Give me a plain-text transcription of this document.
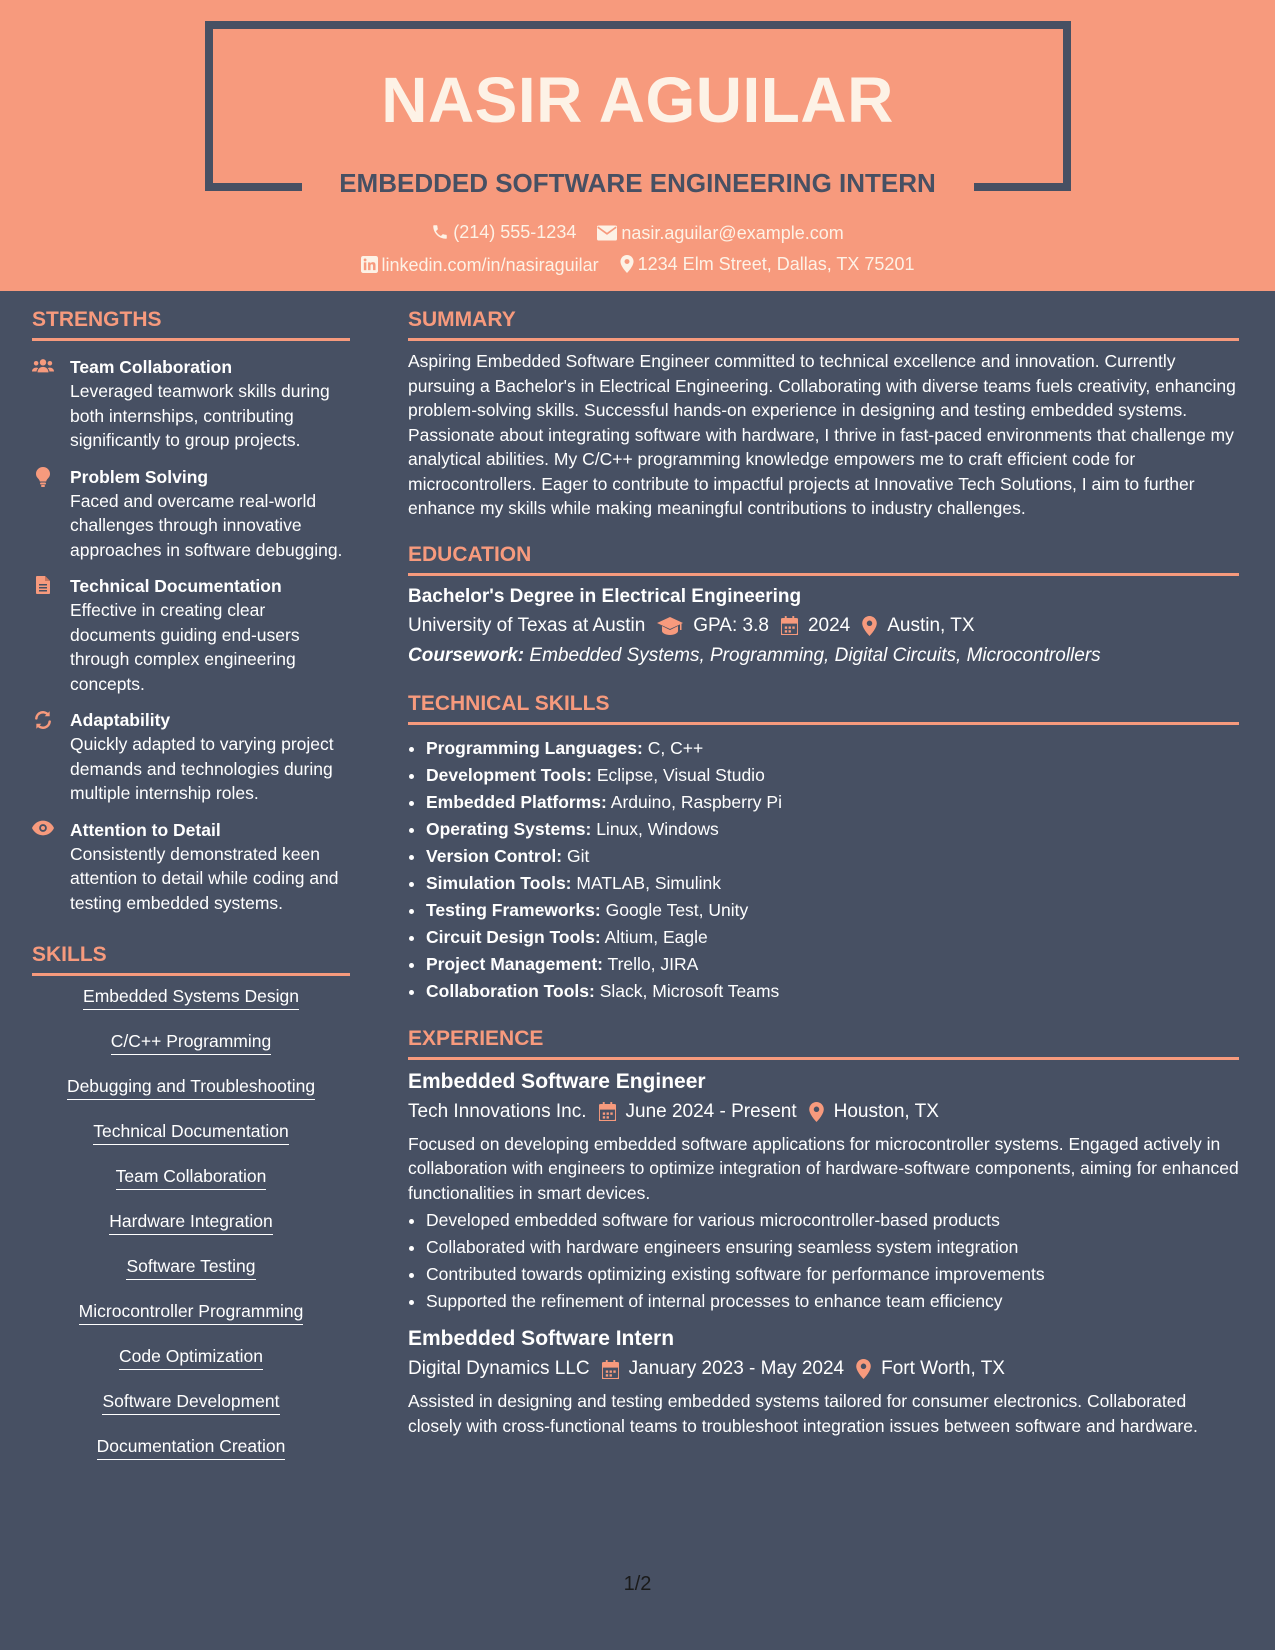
NASIR AGUILAR
EMBEDDED SOFTWARE ENGINEERING INTERN
(214) 555-1234
	nasir.aguilar@example.com
linkedin.com/in/nasiraguilar
1234 Elm Street, Dallas, TX 75201
STRENGTHS
Team Collaboration
Leveraged teamwork skills during both internships, contributing significantly to group projects.
Problem Solving
Faced and overcame real-world challenges through innovative approaches in software debugging.
Technical Documentation
Effective in creating clear documents guiding end-users through complex engineering concepts.
Adaptability
Quickly adapted to varying project demands and technologies during multiple internship roles.
Attention to Detail
Consistently demonstrated keen attention to detail while coding and testing embedded systems.
SKILLS
Embedded Systems Design
C/C++ Programming
Debugging and Troubleshooting
Technical Documentation
Team Collaboration
Hardware Integration
Software Testing
Microcontroller Programming
Code Optimization
Software Development
Documentation Creation
SUMMARY

Aspiring Embedded Software Engineer committed to technical excellence and innovation. Currently pursuing a Bachelor's in Electrical Engineering. Collaborating with diverse teams fuels creativity, enhancing problem-solving skills. Successful hands-on experience in designing and testing embedded systems. Passionate about integrating software with hardware, I thrive in fast-paced environments that challenge my analytical abilities. My C/C++ programming knowledge empowers me to craft efficient code for microcontrollers. Eager to contribute to impactful projects at Innovative Tech Solutions, I aim to further enhance my skills while making meaningful contributions to industry challenges.

EDUCATION
Bachelor's Degree in Electrical Engineering
University of Texas at Austin	GPA: 3.8 2024 Austin, TX
Coursework: Embedded Systems, Programming, Digital Circuits, Microcontrollers
TECHNICAL SKILLS
• Programming Languages: C, C++
• Development Tools: Eclipse, Visual Studio
• Embedded Platforms: Arduino, Raspberry Pi
• Operating Systems: Linux, Windows
• Version Control: Git
• Simulation Tools: MATLAB, Simulink
• Testing Frameworks: Google Test, Unity
• Circuit Design Tools: Altium, Eagle
• Project Management: Trello, JIRA
• Collaboration Tools: Slack, Microsoft Teams
EXPERIENCE
Embedded Software Engineer
Tech Innovations Inc. June 2024 - Present Houston, TX
Focused on developing embedded software applications for microcontroller systems. Engaged actively in collaboration with engineers to optimize integration of hardware-software components, aiming for enhanced functionalities in smart devices.
• Developed embedded software for various microcontroller-based products
• Collaborated with hardware engineers ensuring seamless system integration
• Contributed towards optimizing existing software for performance improvements
• Supported the refinement of internal processes to enhance team efficiency
Embedded Software Intern
Digital Dynamics LLC January 2023 - May 2024 Fort Worth, TX
Assisted in designing and testing embedded systems tailored for consumer electronics. Collaborated closely with cross-functional teams to troubleshoot integration issues between software and hardware.
1/2
